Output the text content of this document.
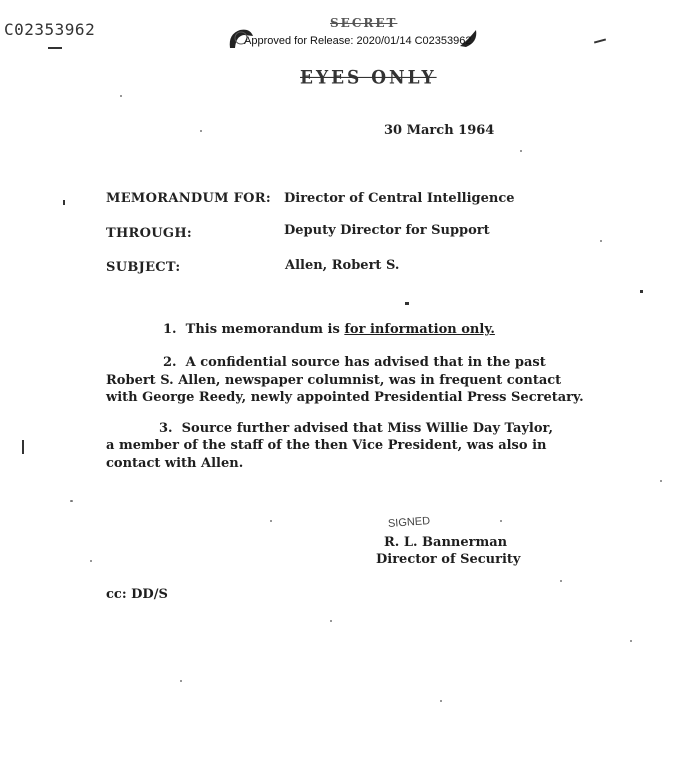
C02353962	SECRET
Approved for Release: 2020/01/14 C02353962
EYES ONLY
30 March 1964
MEMORANDUM FOR: Director of Central Intelligence
THROUGH:	Deputy Director for Support
SUBJECT:	Allen, Robert S.
1. This memorandum is for information only.
2. A confidential source has advised that in the past
Robert S. Allen, newspaper columnist, was in frequent contact
with George Reedy, newly appointed Presidential Press Secretary.
3. Source further advised that Miss Willie Day Taylor,
a member of the staff of the then Vice President, was also in
contact with Allen.
SIGNED
R. L. Bannerman
Director of Security
cc: DD/S
